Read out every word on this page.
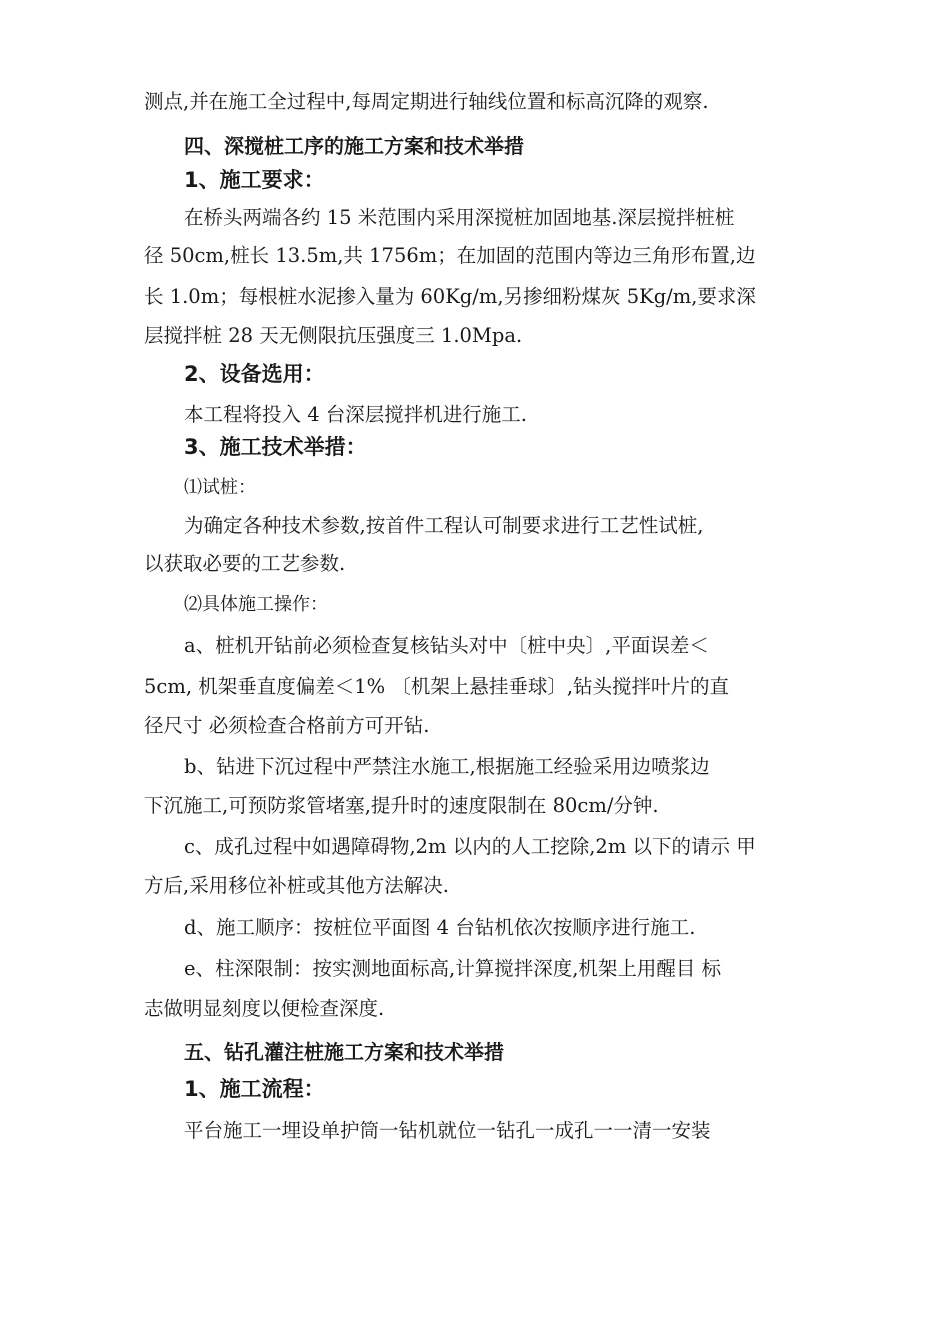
测点,并在施工全过程中,每周定期进行轴线位置和标高沉降的观察.
四、深搅桩工序的施工方案和技术举措
1、施工要求：
在桥头两端各约 15 米范围内采用深搅桩加固地基.深层搅拌桩桩
径 50cm,桩长 13.5m,共 1756m；在加固的范围内等边三角形布置,边
长 1.0m；每根桩水泥掺入量为 60Kg/m,另掺细粉煤灰 5Kg/m,要求深
层搅拌桩 28 天无侧限抗压强度三 1.0Mpa.
2、设备选用：
本工程将投入 4 台深层搅拌机进行施工.
3、施工技术举措：
⑴试桩：
为确定各种技术参数,按首件工程认可制要求进行工艺性试桩,
以获取必要的工艺参数.
⑵具体施工操作：
a、桩机开钻前必须检查复核钻头对中〔桩中央〕,平面误差＜
5cm, 机架垂直度偏差＜1% 〔机架上悬挂垂球〕,钻头搅拌叶片的直
径尺寸 必须检查合格前方可开钻.
b、钻进下沉过程中严禁注水施工,根据施工经验采用边喷浆边
下沉施工,可预防浆管堵塞,提升时的速度限制在 80cm/分钟.
c、成孔过程中如遇障碍物,2m 以内的人工挖除,2m 以下的请示 甲
方后,采用移位补桩或其他方法解决.
d、施工顺序：按桩位平面图 4 台钻机依次按顺序进行施工.
e、柱深限制：按实测地面标高,计算搅拌深度,机架上用醒目 标
志做明显刻度以便检查深度.
五、钻孔灌注桩施工方案和技术举措
1、施工流程：
平台施工一埋设单护筒一钻机就位一钻孔一成孔一一清一安装
